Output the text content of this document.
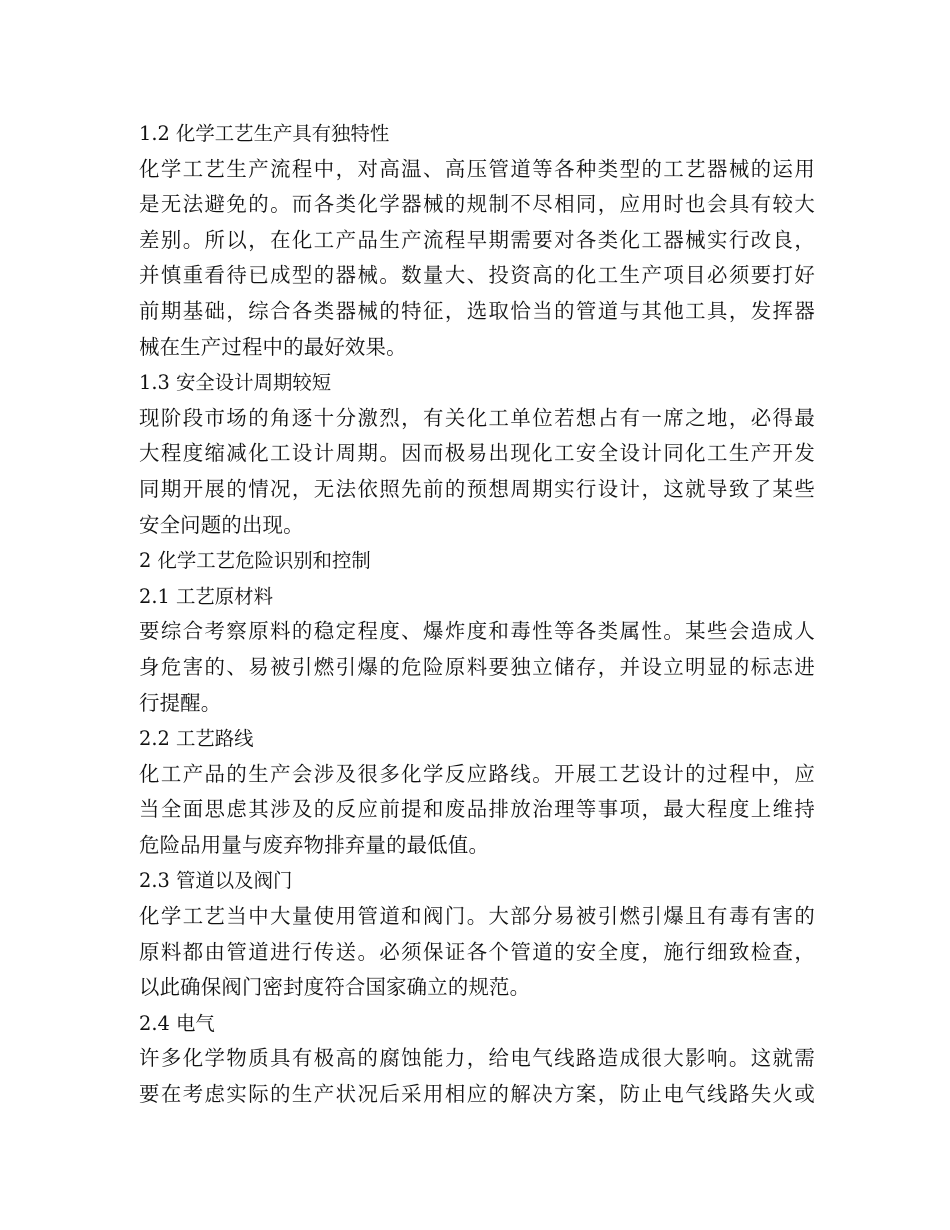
1.2 化学工艺生产具有独特性
化学工艺生产流程中，对高温、高压管道等各种类型的工艺器械的运用
是无法避免的。而各类化学器械的规制不尽相同，应用时也会具有较大
差别。所以，在化工产品生产流程早期需要对各类化工器械实行改良，
并慎重看待已成型的器械。数量大、投资高的化工生产项目必须要打好
前期基础，综合各类器械的特征，选取恰当的管道与其他工具，发挥器
械在生产过程中的最好效果。
1.3 安全设计周期较短
现阶段市场的角逐十分激烈，有关化工单位若想占有一席之地，必得最
大程度缩减化工设计周期。因而极易出现化工安全设计同化工生产开发
同期开展的情况，无法依照先前的预想周期实行设计，这就导致了某些
安全问题的出现。
2 化学工艺危险识别和控制
2.1 工艺原材料
要综合考察原料的稳定程度、爆炸度和毒性等各类属性。某些会造成人
身危害的、易被引燃引爆的危险原料要独立储存，并设立明显的标志进
行提醒。
2.2 工艺路线
化工产品的生产会涉及很多化学反应路线。开展工艺设计的过程中，应
当全面思虑其涉及的反应前提和废品排放治理等事项，最大程度上维持
危险品用量与废弃物排弃量的最低值。
2.3 管道以及阀门
化学工艺当中大量使用管道和阀门。大部分易被引燃引爆且有毒有害的
原料都由管道进行传送。必须保证各个管道的安全度，施行细致检查，
以此确保阀门密封度符合国家确立的规范。
2.4 电气
许多化学物质具有极高的腐蚀能力，给电气线路造成很大影响。这就需
要在考虑实际的生产状况后采用相应的解决方案，防止电气线路失火或
